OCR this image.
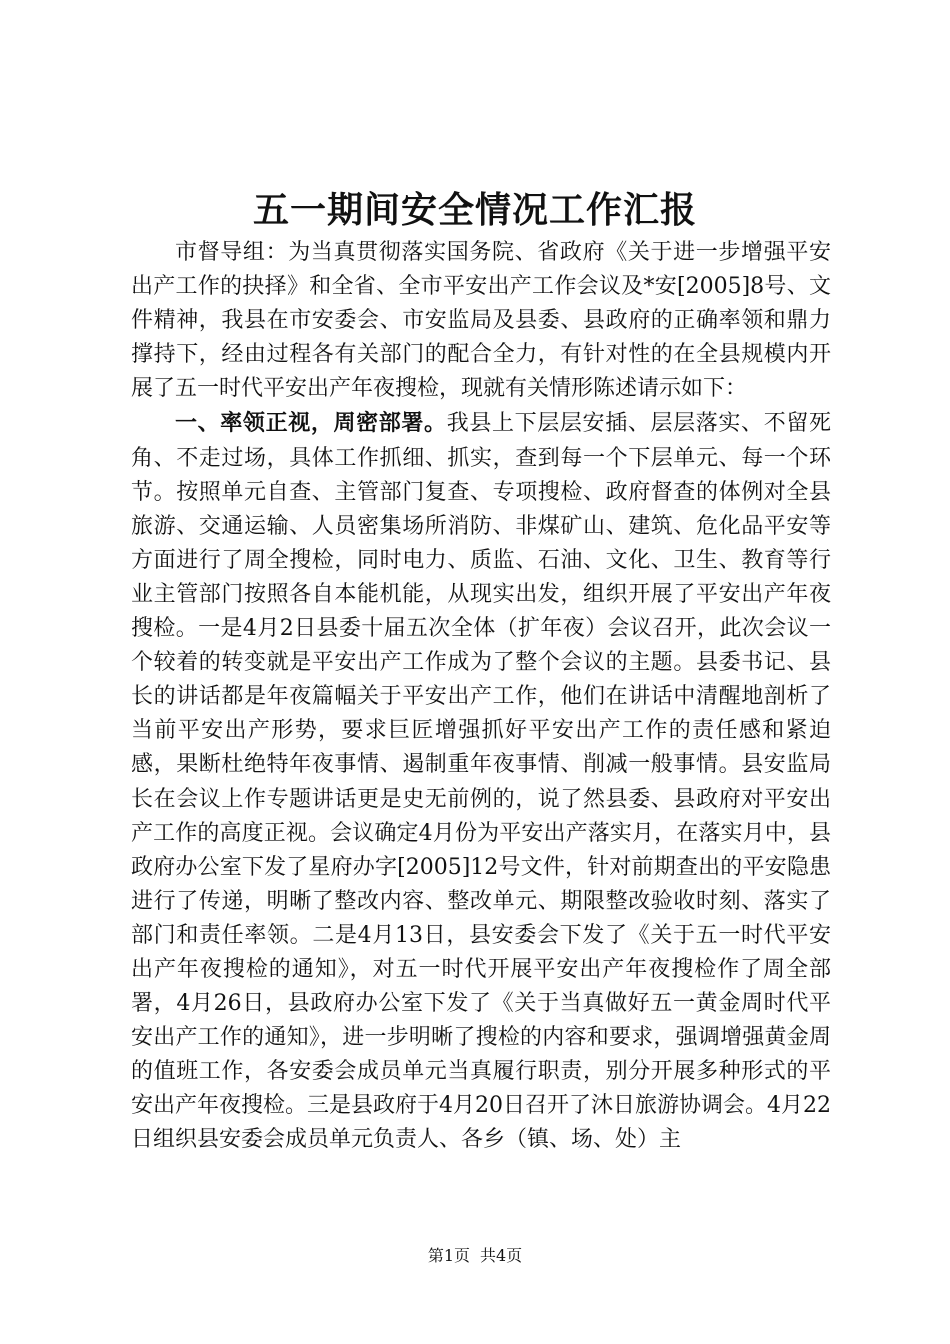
五一期间安全情况工作汇报

市督导组：为当真贯彻落实国务院、省政府《关于进一步增强平安出产工作的抉择》和全省、全市平安出产工作会议及*安[2005]8号、文件精神，我县在市安委会、市安监局及县委、县政府的正确率领和鼎力撑持下，经由过程各有关部门的配合全力，有针对性的在全县规模内开展了五一时代平安出产年夜搜检，现就有关情形陈述请示如下：

一、率领正视，周密部署。我县上下层层安插、层层落实、不留死角、不走过场，具体工作抓细、抓实，查到每一个下层单元、每一个环节。按照单元自查、主管部门复查、专项搜检、政府督查的体例对全县旅游、交通运输、人员密集场所消防、非煤矿山、建筑、危化品平安等方面进行了周全搜检，同时电力、质监、石油、文化、卫生、教育等行业主管部门按照各自本能机能，从现实出发，组织开展了平安出产年夜搜检。一是4月2日县委十届五次全体（扩年夜）会议召开，此次会议一个较着的转变就是平安出产工作成为了整个会议的主题。县委书记、县长的讲话都是年夜篇幅关于平安出产工作，他们在讲话中清醒地剖析了当前平安出产形势，要求巨匠增强抓好平安出产工作的责任感和紧迫感，果断杜绝特年夜事情、遏制重年夜事情、削减一般事情。县安监局长在会议上作专题讲话更是史无前例的，说了然县委、县政府对平安出产工作的高度正视。会议确定4月份为平安出产落实月，在落实月中，县政府办公室下发了星府办字[2005]12号文件，针对前期查出的平安隐患进行了传递，明晰了整改内容、整改单元、期限整改验收时刻、落实了部门和责任率领。二是4月13日，县安委会下发了《关于五一时代平安出产年夜搜检的通知》，对五一时代开展平安出产年夜搜检作了周全部署，4月26日，县政府办公室下发了《关于当真做好五一黄金周时代平安出产工作的通知》，进一步明晰了搜检的内容和要求，强调增强黄金周的值班工作，各安委会成员单元当真履行职责，别分开展多种形式的平安出产年夜搜检。三是县政府于4月20日召开了沐日旅游协调会。4月22日组织县安委会成员单元负责人、各乡（镇、场、处）主

第1页 共4页
